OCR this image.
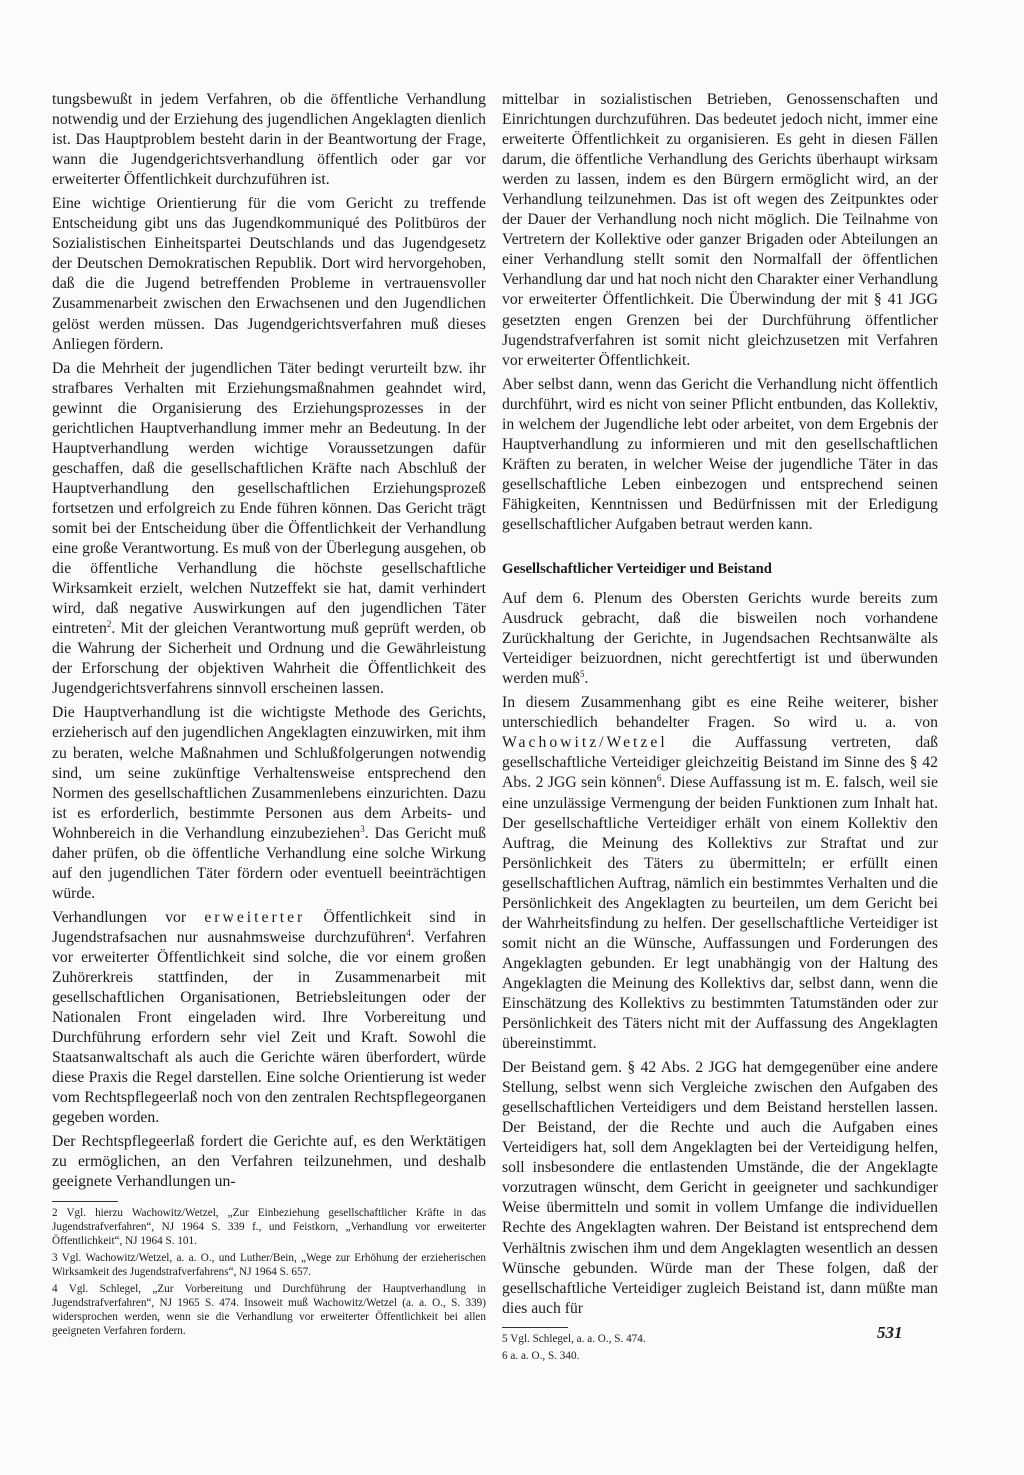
tungsbewußt in jedem Verfahren, ob die öffentliche Verhandlung notwendig und der Erziehung des jugendlichen Angeklagten dienlich ist. Das Hauptproblem besteht darin in der Beantwortung der Frage, wann die Jugendgerichtsverhandlung öffentlich oder gar vor erweiterter Öffentlichkeit durchzuführen ist.

Eine wichtige Orientierung für die vom Gericht zu treffende Entscheidung gibt uns das Jugendkommuniqué des Politbüros der Sozialistischen Einheitspartei Deutschlands und das Jugendgesetz der Deutschen Demokratischen Republik. Dort wird hervorgehoben, daß die die Jugend betreffenden Probleme in vertrauensvoller Zusammenarbeit zwischen den Erwachsenen und den Jugendlichen gelöst werden müssen. Das Jugendgerichtsverfahren muß dieses Anliegen fördern.

Da die Mehrheit der jugendlichen Täter bedingt verurteilt bzw. ihr strafbares Verhalten mit Erziehungsmaßnahmen geahndet wird, gewinnt die Organisierung des Erziehungsprozesses in der gerichtlichen Hauptverhandlung immer mehr an Bedeutung. In der Hauptverhandlung werden wichtige Voraussetzungen dafür geschaffen, daß die gesellschaftlichen Kräfte nach Abschluß der Hauptverhandlung den gesellschaftlichen Erziehungsprozeß fortsetzen und erfolgreich zu Ende führen können. Das Gericht trägt somit bei der Entscheidung über die Öffentlichkeit der Verhandlung eine große Verantwortung. Es muß von der Überlegung ausgehen, ob die öffentliche Verhandlung die höchste gesellschaftliche Wirksamkeit erzielt, welchen Nutzeffekt sie hat, damit verhindert wird, daß negative Auswirkungen auf den jugendlichen Täter eintreten$^2$. Mit der gleichen Verantwortung muß geprüft werden, ob die Wahrung der Sicherheit und Ordnung und die Gewährleistung der Erforschung der objektiven Wahrheit die Öffentlichkeit des Jugendgerichtsverfahrens sinnvoll erscheinen lassen.

Die Hauptverhandlung ist die wichtigste Methode des Gerichts, erzieherisch auf den jugendlichen Angeklagten einzuwirken, mit ihm zu beraten, welche Maßnahmen und Schlußfolgerungen notwendig sind, um seine zukünftige Verhaltensweise entsprechend den Normen des gesellschaftlichen Zusammenlebens einzurichten. Dazu ist es erforderlich, bestimmte Personen aus dem Arbeits- und Wohnbereich in die Verhandlung einzubeziehen$^3$. Das Gericht muß daher prüfen, ob die öffentliche Verhandlung eine solche Wirkung auf den jugendlichen Täter fördern oder eventuell beeinträchtigen würde.

Verhandlungen vor erweiterter Öffentlichkeit sind in Jugendstrafsachen nur ausnahmsweise durchzuführen$^4$. Verfahren vor erweiterter Öffentlichkeit sind solche, die vor einem großen Zuhörerkreis stattfinden, der in Zusammenarbeit mit gesellschaftlichen Organisationen, Betriebsleitungen oder der Nationalen Front eingeladen wird. Ihre Vorbereitung und Durchführung erfordern sehr viel Zeit und Kraft. Sowohl die Staatsanwaltschaft als auch die Gerichte wären überfordert, würde diese Praxis die Regel darstellen. Eine solche Orientierung ist weder vom Rechtspflegeerlaß noch von den zentralen Rechtspflegeorganen gegeben worden.

Der Rechtspflegeerlaß fordert die Gerichte auf, es den Werktätigen zu ermöglichen, an den Verfahren teilzunehmen, und deshalb geeignete Verhandlungen un-

2 Vgl. hierzu Wachowitz/Wetzel, „Zur Einbeziehung gesellschaftlicher Kräfte in das Jugendstrafverfahren“, NJ 1964 S. 339 f., und Feistkorn, „Verhandlung vor erweiterter Öffentlichkeit“, NJ 1964 S. 101.

3 Vgl. Wachowitz/Wetzel, a. a. O., und Luther/Bein, „Wege zur Erhöhung der erzieherischen Wirksamkeit des Jugendstrafverfahrens“, NJ 1964 S. 657.

4 Vgl. Schlegel, „Zur Vorbereitung und Durchführung der Hauptverhandlung in Jugendstrafverfahren“, NJ 1965 S. 474. Insoweit muß Wachowitz/Wetzel (a. a. O., S. 339) widersprochen werden, wenn sie die Verhandlung vor erweiterter Öffentlichkeit bei allen geeigneten Verfahren fordern.

mittelbar in sozialistischen Betrieben, Genossenschaften und Einrichtungen durchzuführen. Das bedeutet jedoch nicht, immer eine erweiterte Öffentlichkeit zu organisieren. Es geht in diesen Fällen darum, die öffentliche Verhandlung des Gerichts überhaupt wirksam werden zu lassen, indem es den Bürgern ermöglicht wird, an der Verhandlung teilzunehmen. Das ist oft wegen des Zeitpunktes oder der Dauer der Verhandlung noch nicht möglich. Die Teilnahme von Vertretern der Kollektive oder ganzer Brigaden oder Abteilungen an einer Verhandlung stellt somit den Normalfall der öffentlichen Verhandlung dar und hat noch nicht den Charakter einer Verhandlung vor erweiterter Öffentlichkeit. Die Überwindung der mit § 41 JGG gesetzten engen Grenzen bei der Durchführung öffentlicher Jugendstrafverfahren ist somit nicht gleichzusetzen mit Verfahren vor erweiterter Öffentlichkeit.

Aber selbst dann, wenn das Gericht die Verhandlung nicht öffentlich durchführt, wird es nicht von seiner Pflicht entbunden, das Kollektiv, in welchem der Jugendliche lebt oder arbeitet, von dem Ergebnis der Hauptverhandlung zu informieren und mit den gesellschaftlichen Kräften zu beraten, in welcher Weise der jugendliche Täter in das gesellschaftliche Leben einbezogen und entsprechend seinen Fähigkeiten, Kenntnissen und Bedürfnissen mit der Erledigung gesellschaftlicher Aufgaben betraut werden kann.

Gesellschaftlicher Verteidiger und Beistand

Auf dem 6. Plenum des Obersten Gerichts wurde bereits zum Ausdruck gebracht, daß die bisweilen noch vorhandene Zurückhaltung der Gerichte, in Jugendsachen Rechtsanwälte als Verteidiger beizuordnen, nicht gerechtfertigt ist und überwunden werden muß$^5$.

In diesem Zusammenhang gibt es eine Reihe weiterer, bisher unterschiedlich behandelter Fragen. So wird u. a. von Wachowitz/Wetzel die Auffassung vertreten, daß gesellschaftliche Verteidiger gleichzeitig Beistand im Sinne des § 42 Abs. 2 JGG sein können$^6$. Diese Auffassung ist m. E. falsch, weil sie eine unzulässige Vermengung der beiden Funktionen zum Inhalt hat. Der gesellschaftliche Verteidiger erhält von einem Kollektiv den Auftrag, die Meinung des Kollektivs zur Straftat und zur Persönlichkeit des Täters zu übermitteln; er erfüllt einen gesellschaftlichen Auftrag, nämlich ein bestimmtes Verhalten und die Persönlichkeit des Angeklagten zu beurteilen, um dem Gericht bei der Wahrheitsfindung zu helfen. Der gesellschaftliche Verteidiger ist somit nicht an die Wünsche, Auffassungen und Forderungen des Angeklagten gebunden. Er legt unabhängig von der Haltung des Angeklagten die Meinung des Kollektivs dar, selbst dann, wenn die Einschätzung des Kollektivs zu bestimmten Tatumständen oder zur Persönlichkeit des Täters nicht mit der Auffassung des Angeklagten übereinstimmt.

Der Beistand gem. § 42 Abs. 2 JGG hat demgegenüber eine andere Stellung, selbst wenn sich Vergleiche zwischen den Aufgaben des gesellschaftlichen Verteidigers und dem Beistand herstellen lassen. Der Beistand, der die Rechte und auch die Aufgaben eines Verteidigers hat, soll dem Angeklagten bei der Verteidigung helfen, soll insbesondere die entlastenden Umstände, die der Angeklagte vorzutragen wünscht, dem Gericht in geeigneter und sachkundiger Weise übermitteln und somit in vollem Umfange die individuellen Rechte des Angeklagten wahren. Der Beistand ist entsprechend dem Verhältnis zwischen ihm und dem Angeklagten wesentlich an dessen Wünsche gebunden. Würde man der These folgen, daß der gesellschaftliche Verteidiger zugleich Beistand ist, dann müßte man dies auch für

5 Vgl. Schlegel, a. a. O., S. 474.

6 a. a. O., S. 340.

531
